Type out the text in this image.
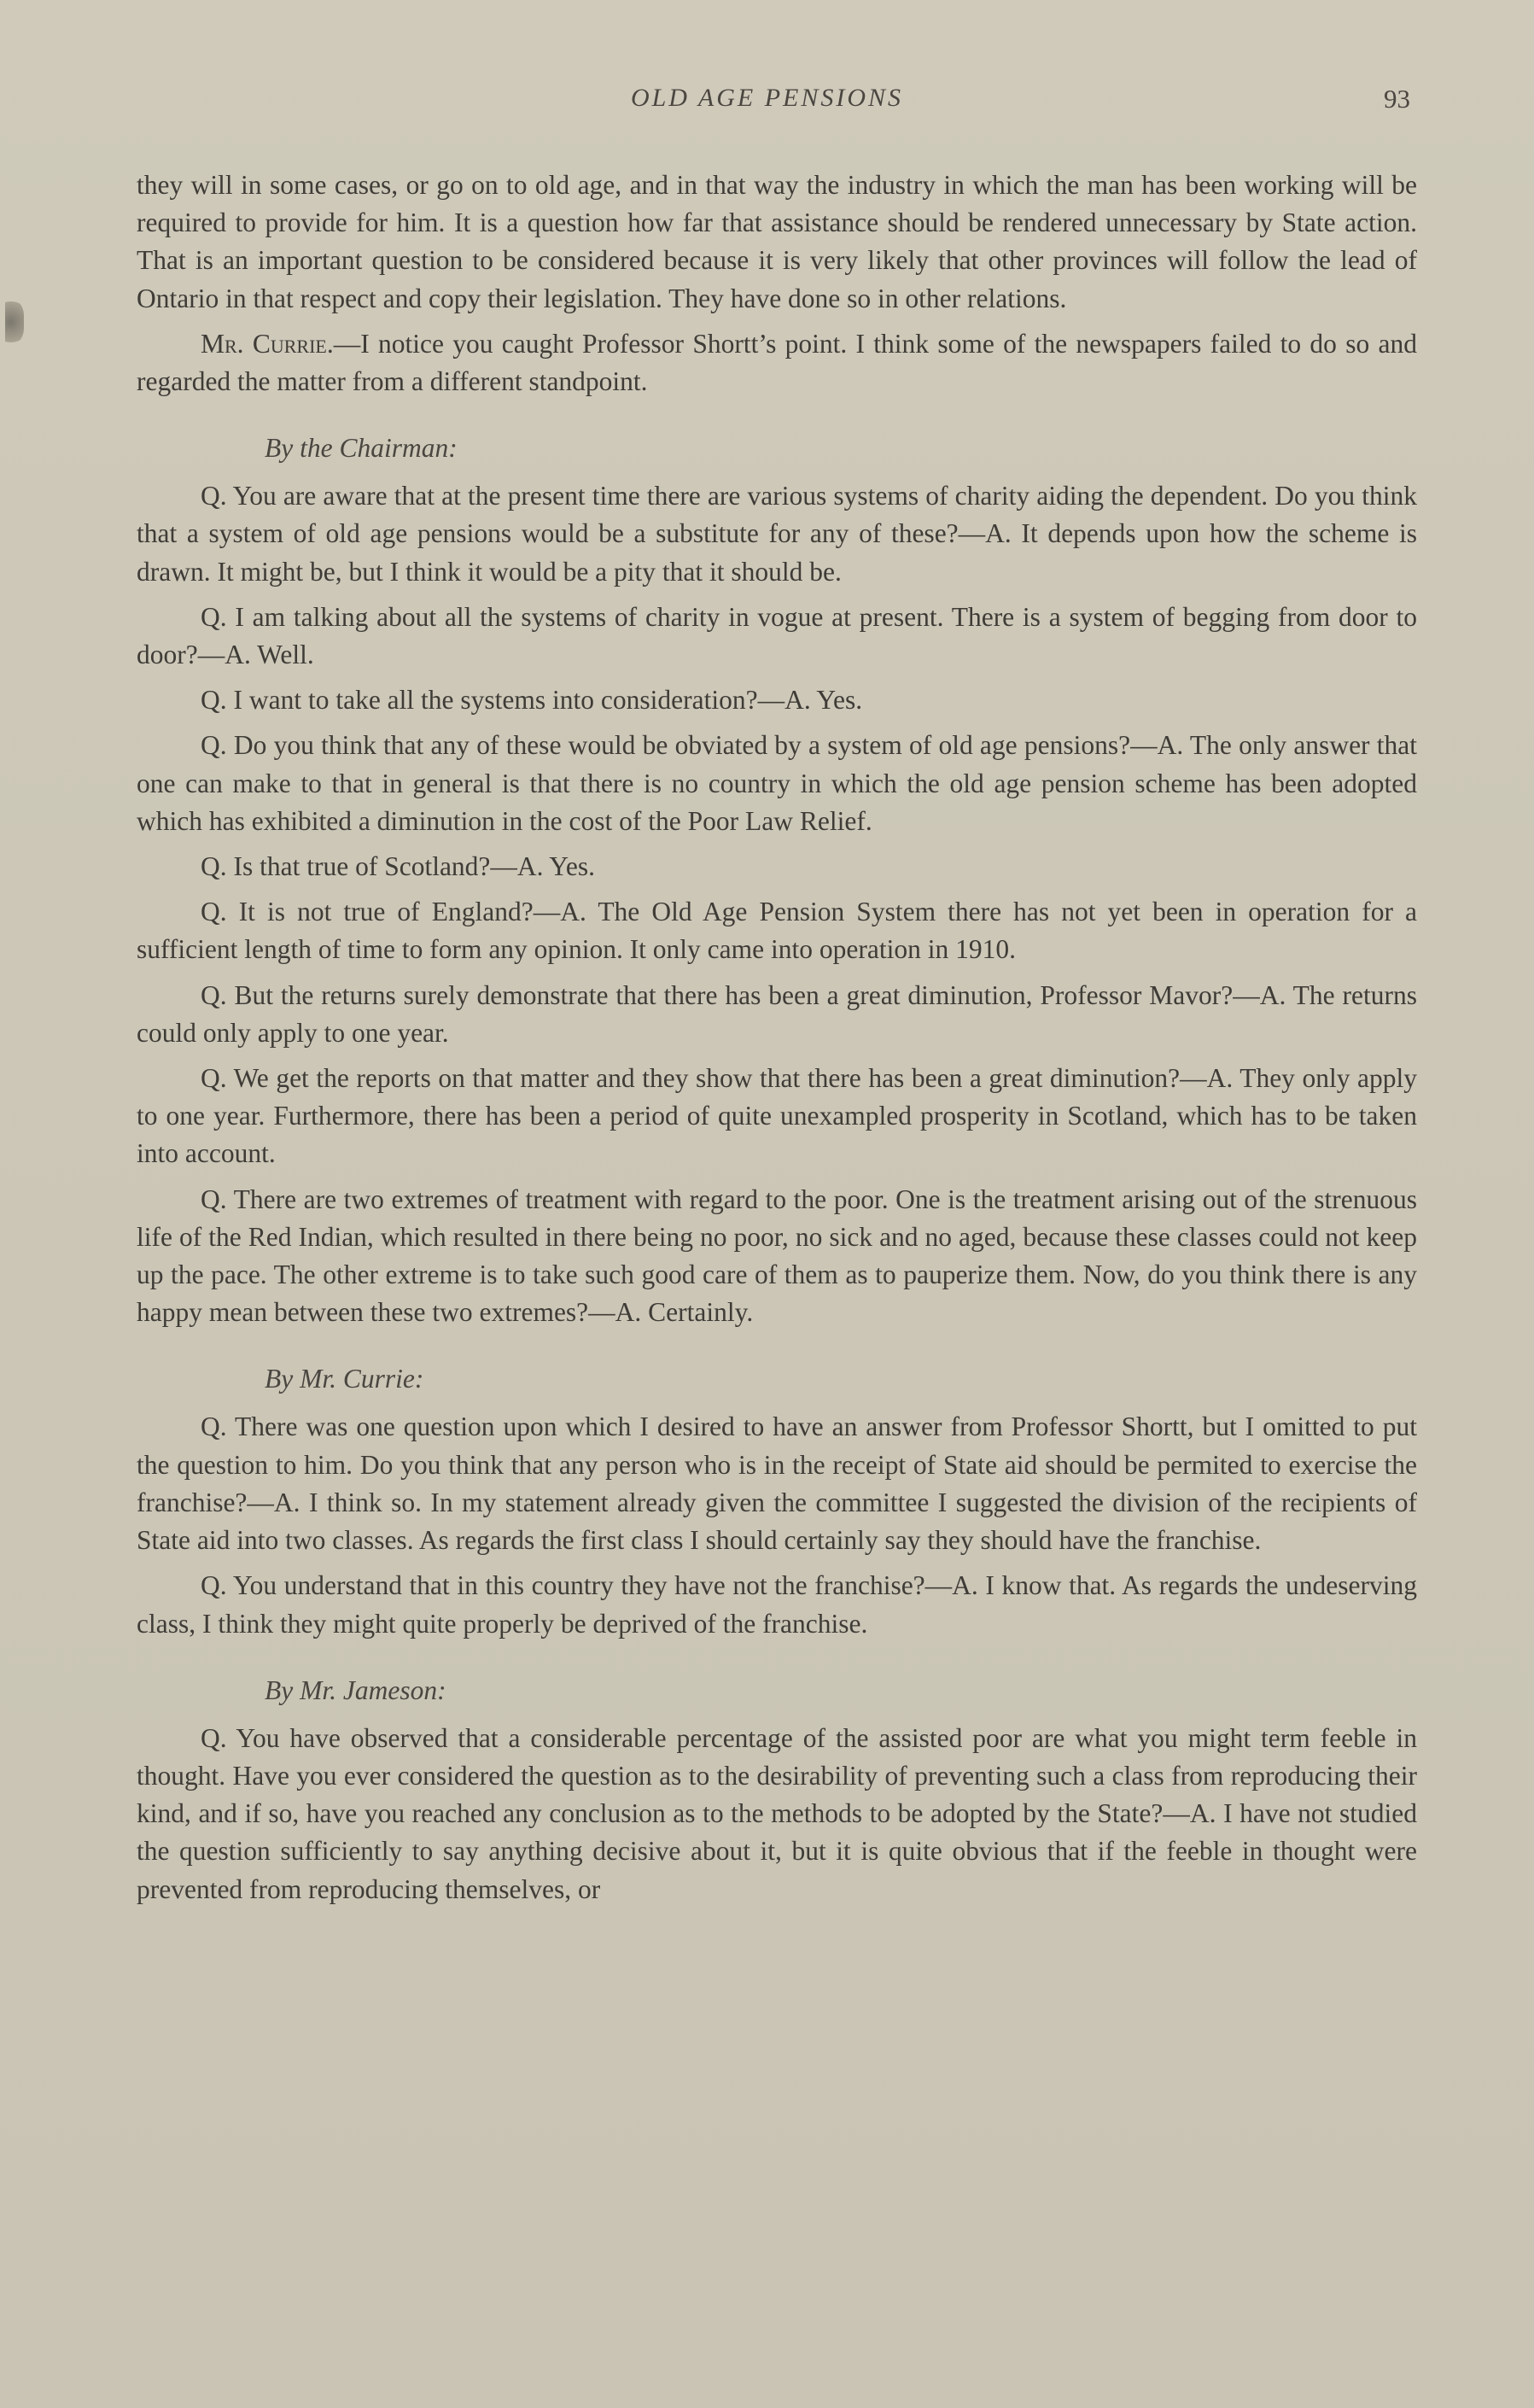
OLD AGE PENSIONS	93

they will in some cases, or go on to old age, and in that way the industry in which the man has been working will be required to provide for him. It is a question how far that assistance should be rendered unnecessary by State action. That is an important question to be considered because it is very likely that other provinces will follow the lead of Ontario in that respect and copy their legislation. They have done so in other relations.

Mr. Currie.—I notice you caught Professor Shortt’s point. I think some of the newspapers failed to do so and regarded the matter from a different standpoint.

By the Chairman:

Q. You are aware that at the present time there are various systems of charity aiding the dependent. Do you think that a system of old age pensions would be a substitute for any of these?—A. It depends upon how the scheme is drawn. It might be, but I think it would be a pity that it should be.

Q. I am talking about all the systems of charity in vogue at present. There is a system of begging from door to door?—A. Well.

Q. I want to take all the systems into consideration?—A. Yes.

Q. Do you think that any of these would be obviated by a system of old age pensions?—A. The only answer that one can make to that in general is that there is no country in which the old age pension scheme has been adopted which has exhibited a diminution in the cost of the Poor Law Relief.

Q. Is that true of Scotland?—A. Yes.

Q. It is not true of England?—A. The Old Age Pension System there has not yet been in operation for a sufficient length of time to form any opinion. It only came into operation in 1910.

Q. But the returns surely demonstrate that there has been a great diminution, Professor Mavor?—A. The returns could only apply to one year.

Q. We get the reports on that matter and they show that there has been a great diminution?—A. They only apply to one year. Furthermore, there has been a period of quite unexampled prosperity in Scotland, which has to be taken into account.

Q. There are two extremes of treatment with regard to the poor. One is the treatment arising out of the strenuous life of the Red Indian, which resulted in there being no poor, no sick and no aged, because these classes could not keep up the pace. The other extreme is to take such good care of them as to pauperize them. Now, do you think there is any happy mean between these two extremes?—A. Certainly.

By Mr. Currie:

Q. There was one question upon which I desired to have an answer from Professor Shortt, but I omitted to put the question to him. Do you think that any person who is in the receipt of State aid should be permited to exercise the franchise?—A. I think so. In my statement already given the committee I suggested the division of the recipients of State aid into two classes. As regards the first class I should certainly say they should have the franchise.

Q. You understand that in this country they have not the franchise?—A. I know that. As regards the undeserving class, I think they might quite properly be deprived of the franchise.

By Mr. Jameson:

Q. You have observed that a considerable percentage of the assisted poor are what you might term feeble in thought. Have you ever considered the question as to the desirability of preventing such a class from reproducing their kind, and if so, have you reached any conclusion as to the methods to be adopted by the State?—A. I have not studied the question sufficiently to say anything decisive about it, but it is quite obvious that if the feeble in thought were prevented from reproducing themselves, or
